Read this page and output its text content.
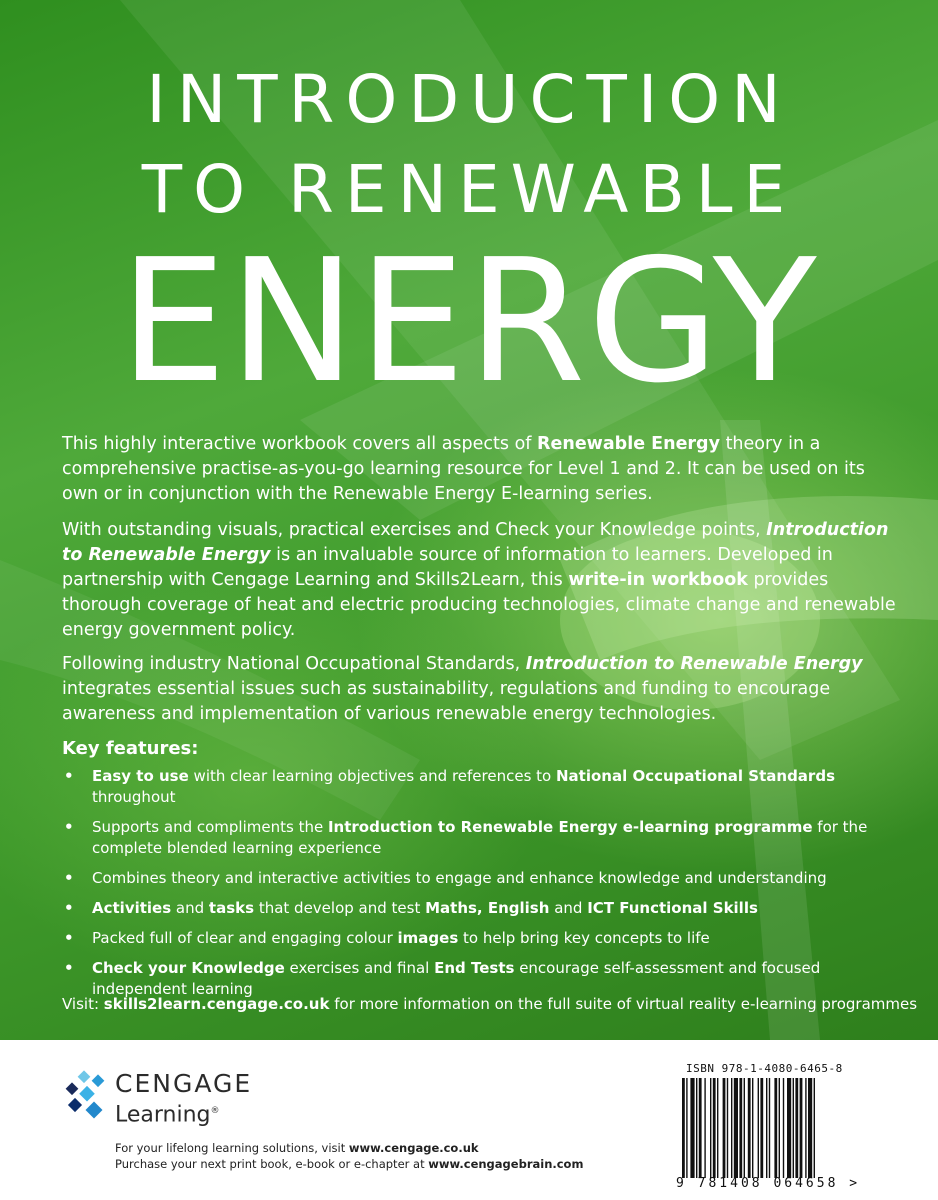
INTRODUCTION
TO RENEWABLE
ENERGY

This highly interactive workbook covers all aspects of Renewable Energy theory in a comprehensive practise-as-you-go learning resource for Level 1 and 2. It can be used on its own or in conjunction with the Renewable Energy E-learning series.

With outstanding visuals, practical exercises and Check your Knowledge points, Introduction to Renewable Energy is an invaluable source of information to learners. Developed in partnership with Cengage Learning and Skills2Learn, this write-in workbook provides thorough coverage of heat and electric producing technologies, climate change and renewable energy government policy.

Following industry National Occupational Standards, Introduction to Renewable Energy integrates essential issues such as sustainability, regulations and funding to encourage awareness and implementation of various renewable energy technologies.

Key features:
• Easy to use with clear learning objectives and references to National Occupational Standards throughout
• Supports and compliments the Introduction to Renewable Energy e-learning programme for the complete blended learning experience
• Combines theory and interactive activities to engage and enhance knowledge and understanding
• Activities and tasks that develop and test Maths, English and ICT Functional Skills
• Packed full of clear and engaging colour images to help bring key concepts to life
• Check your Knowledge exercises and final End Tests encourage self-assessment and focused independent learning

Visit: skills2learn.cengage.co.uk for more information on the full suite of virtual reality e-learning programmes

CENGAGE

Learning®

For your lifelong learning solutions, visit www.cengage.co.uk

Purchase your next print book, e-book or e-chapter at www.cengagebrain.com

ISBN 978-1-4080-6465-8
9 781408 064658 >
